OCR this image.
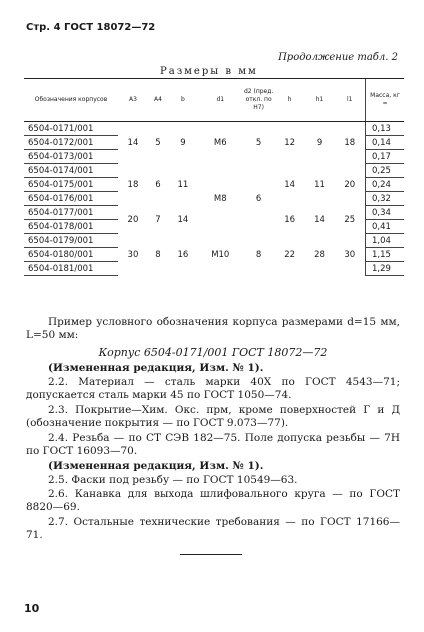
Стр. 4 ГОСТ 18072—72
Продолжение табл. 2
Размеры в мм
Обозначения корпусов	A3	A4	b	d1	d2 (пред. откл. по H7)	h	h1	l1	Масса, кг ≈
6504-0171/001	14	5	9	M6	5	12	9	18	0,13
6504-0172/001									0,14
6504-0173/001									0,17
6504-0174/001	18	6	11	M8	6	14	11	20	0,25
6504-0175/001									0,24
6504-0176/001									0,32
6504-0177/001	20	7	14			16	14	25	0,34
6504-0178/001									0,41
6504-0179/001	30	8	16	M10	8	22	28	30	1,04
6504-0180/001									1,15
6504-0181/001									1,29
Пример условного обозначения корпуса размерами d=15 мм, L=50 мм:
Корпус 6504-0171/001 ГОСТ 18072—72
(Измененная редакция, Изм. № 1).
2.2. Материал — сталь марки 40Х по ГОСТ 4543—71; допускается сталь марки 45 по ГОСТ 1050—74.
2.3. Покрытие—Хим. Окс. прм, кроме поверхностей Г и Д (обозначение покрытия — по ГОСТ 9.073—77).
2.4. Резьба — по СТ СЭВ 182—75. Поле допуска резьбы — 7Н по ГОСТ 16093—70.
(Измененная редакция, Изм. № 1).
2.5. Фаски под резьбу — по ГОСТ 10549—63.
2.6. Канавка для выхода шлифовального круга — по ГОСТ 8820—69.
2.7. Остальные технические требования — по ГОСТ 17166—71.
10
